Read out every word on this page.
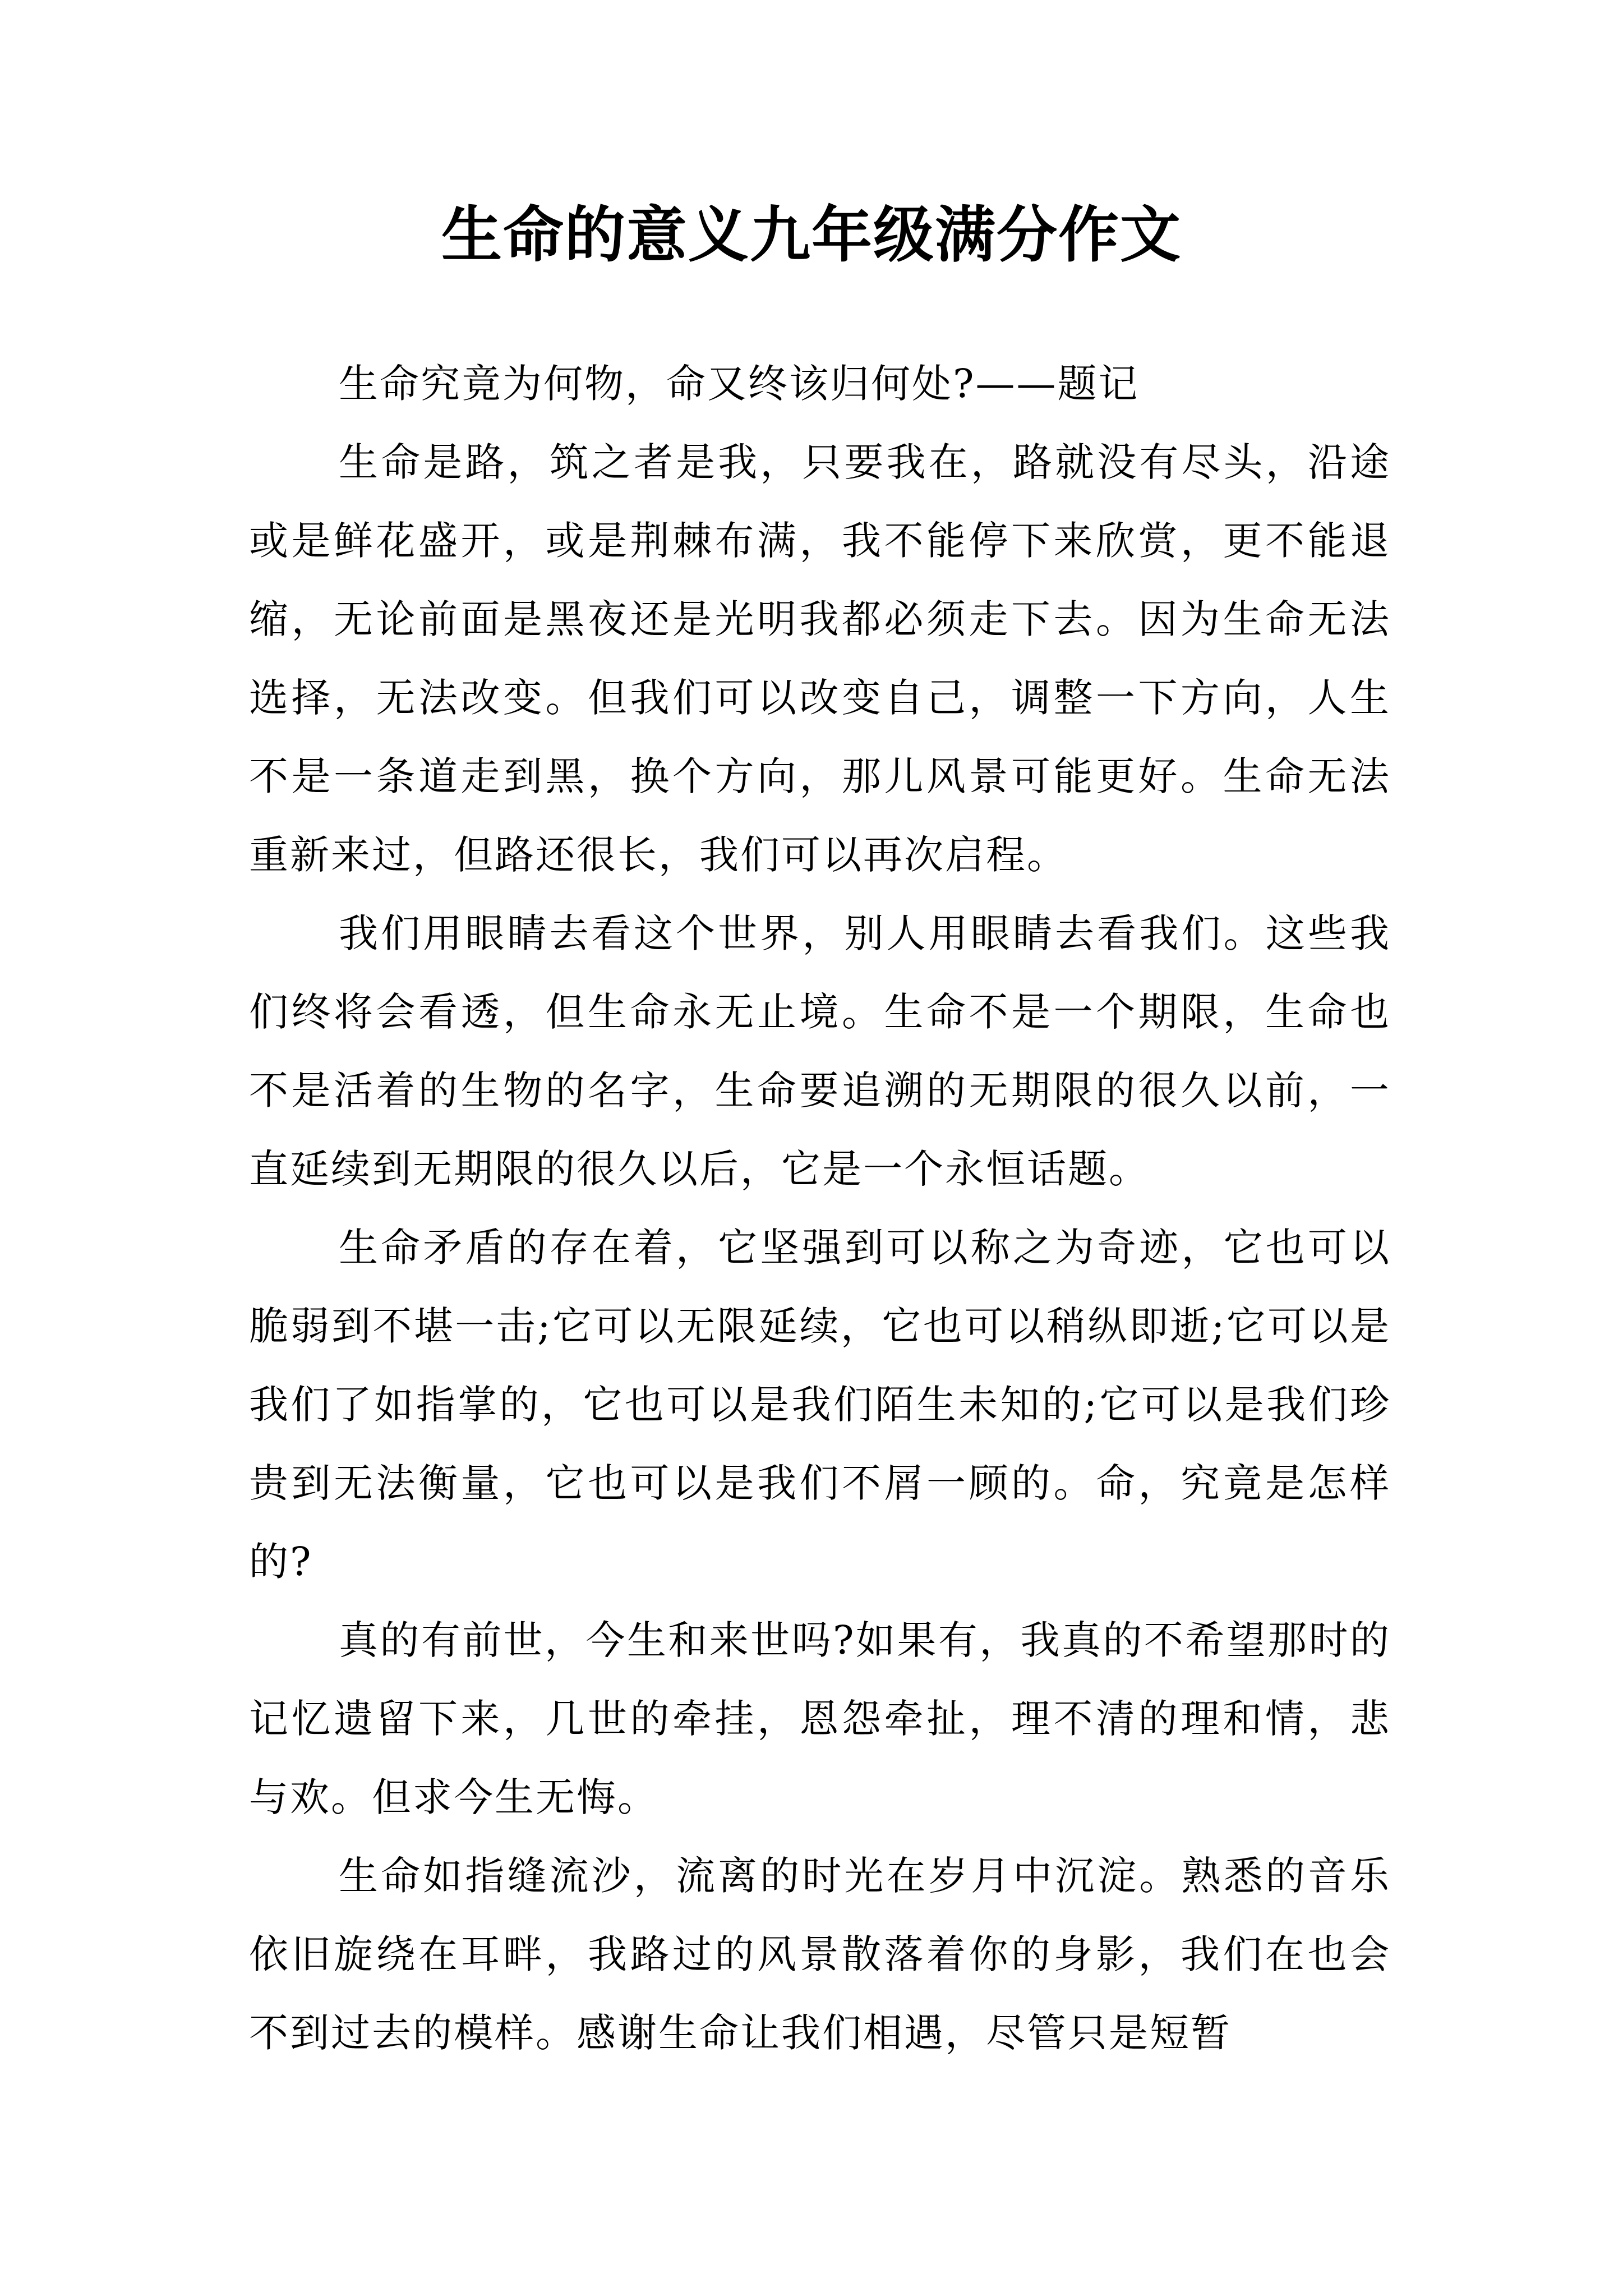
生命的意义九年级满分作文

生命究竟为何物，命又终该归何处?——题记

生命是路，筑之者是我，只要我在，路就没有尽头，沿途或是鲜花盛开，或是荆棘布满，我不能停下来欣赏，更不能退缩，无论前面是黑夜还是光明我都必须走下去。因为生命无法选择，无法改变。但我们可以改变自己，调整一下方向，人生不是一条道走到黑，换个方向，那儿风景可能更好。生命无法重新来过，但路还很长，我们可以再次启程。

我们用眼睛去看这个世界，别人用眼睛去看我们。这些我们终将会看透，但生命永无止境。生命不是一个期限，生命也不是活着的生物的名字，生命要追溯的无期限的很久以前，一直延续到无期限的很久以后，它是一个永恒话题。

生命矛盾的存在着，它坚强到可以称之为奇迹，它也可以脆弱到不堪一击;它可以无限延续，它也可以稍纵即逝;它可以是我们了如指掌的，它也可以是我们陌生未知的;它可以是我们珍贵到无法衡量，它也可以是我们不屑一顾的。命，究竟是怎样的?

真的有前世，今生和来世吗?如果有，我真的不希望那时的记忆遗留下来，几世的牵挂，恩怨牵扯，理不清的理和情，悲与欢。但求今生无悔。

生命如指缝流沙，流离的时光在岁月中沉淀。熟悉的音乐依旧旋绕在耳畔，我路过的风景散落着你的身影，我们在也会不到过去的模样。感谢生命让我们相遇，尽管只是短暂
